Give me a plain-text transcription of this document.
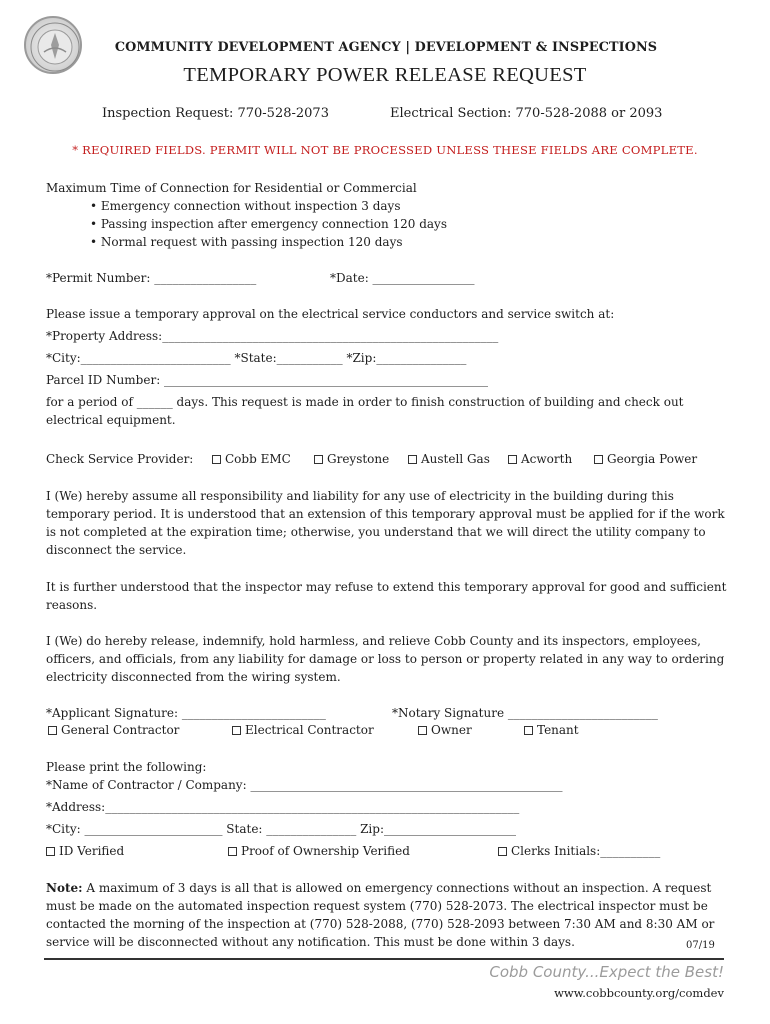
COMMUNITY DEVELOPMENT AGENCY | DEVELOPMENT & INSPECTIONS
TEMPORARY POWER RELEASE REQUEST
Inspection Request: 770-528-2073	Electrical Section: 770-528-2088 or 2093
* REQUIRED FIELDS. PERMIT WILL NOT BE PROCESSED UNLESS THESE FIELDS ARE COMPLETE.
Maximum Time of Connection for Residential or Commercial
• Emergency connection without inspection 3 days
• Passing inspection after emergency connection 120 days
• Normal request with passing inspection 120 days
*Permit Number: _________________	*Date: _________________
Please issue a temporary approval on the electrical service conductors and service switch at:
*Property Address:________________________________________________________
*City:_________________________ *State:___________ *Zip:_______________
Parcel ID Number: ______________________________________________________
for a period of ______ days. This request is made in order to finish construction of building and check out
electrical equipment.
Check Service Provider:	Cobb EMC	Greystone	Austell Gas	Acworth	Georgia Power
I (We) hereby assume all responsibility and liability for any use of electricity in the building during this temporary period. It is understood that an extension of this temporary approval must be applied for if the work is not completed at the expiration time; otherwise, you understand that we will direct the utility company to disconnect the service.
It is further understood that the inspector may refuse to extend this temporary approval for good and sufficient reasons.
I (We) do hereby release, indemnify, hold harmless, and relieve Cobb County and its inspectors, employees, officers, and officials, from any liability for damage or loss to person or property related in any way to ordering electricity disconnected from the wiring system.
*Applicant Signature: ________________________	*Notary Signature _________________________
General Contractor	Electrical Contractor	Owner	Tenant
Please print the following:
*Name of Contractor / Company: ____________________________________________________
*Address:_____________________________________________________________________
*City: _______________________ State: _______________ Zip:______________________
ID Verified	Proof of Ownership Verified	Clerks Initials:__________
Note: A maximum of 3 days is all that is allowed on emergency connections without an inspection. A request must be made on the automated inspection request system (770) 528-2073. The electrical inspector must be contacted the morning of the inspection at (770) 528-2088, (770) 528-2093 between 7:30 AM and 8:30 AM or service will be disconnected without any notification. This must be done within 3 days.	07/19
Cobb County...Expect the Best!
www.cobbcounty.org/comdev
